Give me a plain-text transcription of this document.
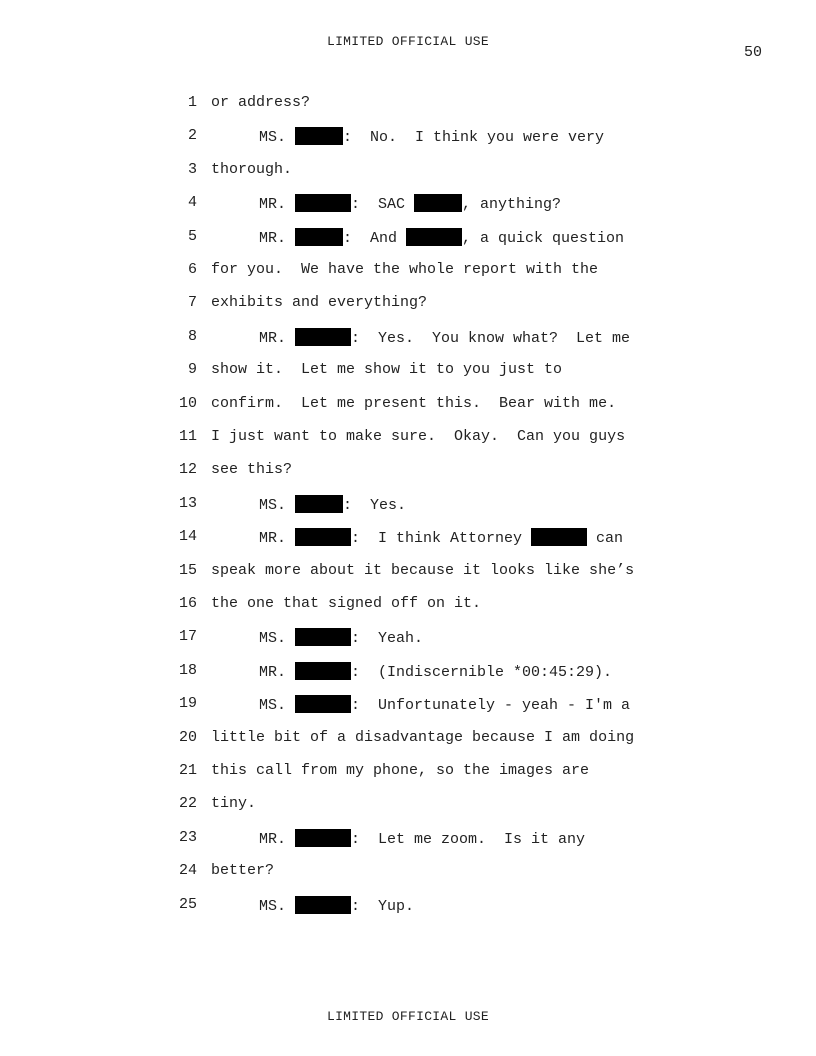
LIMITED OFFICIAL USE
50
1 or address?
2	MS.	:  No.  I think you were very
3 thorough.
4	MR.	:  SAC	, anything?
5	MR.	:  And	, a quick question
6 for you.  We have the whole report with the
7 exhibits and everything?
8	MR.	:  Yes.  You know what?  Let me
9 show it.  Let me show it to you just to
10 confirm.  Let me present this.  Bear with me.
11 I just want to make sure.  Okay.  Can you guys
12 see this?
13	MS.	:  Yes.
14	MR.	:  I think Attorney	can
15 speak more about it because it looks like she’s
16 the one that signed off on it.
17	MS.	:  Yeah.
18	MR.	:  (Indiscernible *00:45:29).
19	MS.	:  Unfortunately - yeah - I'm a
20 little bit of a disadvantage because I am doing
21 this call from my phone, so the images are
22 tiny.
23	MR.	:  Let me zoom.  Is it any
24 better?
25	MS.	:  Yup.
LIMITED OFFICIAL USE
